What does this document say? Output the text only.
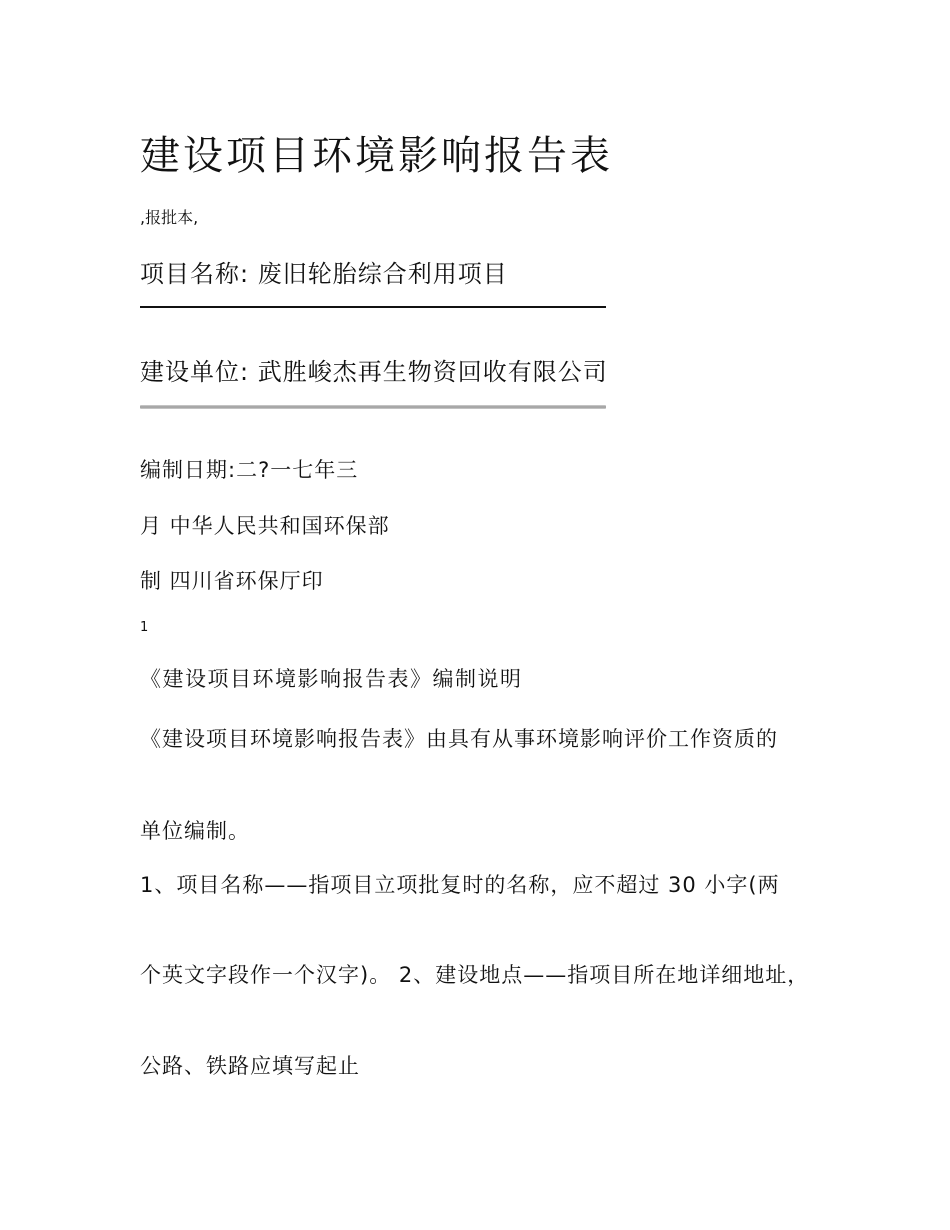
建设项目环境影响报告表
,报批本,
项目名称: 废旧轮胎综合利用项目
建设单位: 武胜峻杰再生物资回收有限公司
编制日期:二?一七年三
月 中华人民共和国环保部
制 四川省环保厅印
1
《建设项目环境影响报告表》编制说明
《建设项目环境影响报告表》由具有从事环境影响评价工作资质的
单位编制。
1、项目名称——指项目立项批复时的名称，应不超过 30 小字(两
个英文字段作一个汉字)。 2、建设地点——指项目所在地详细地址，
公路、铁路应填写起止
